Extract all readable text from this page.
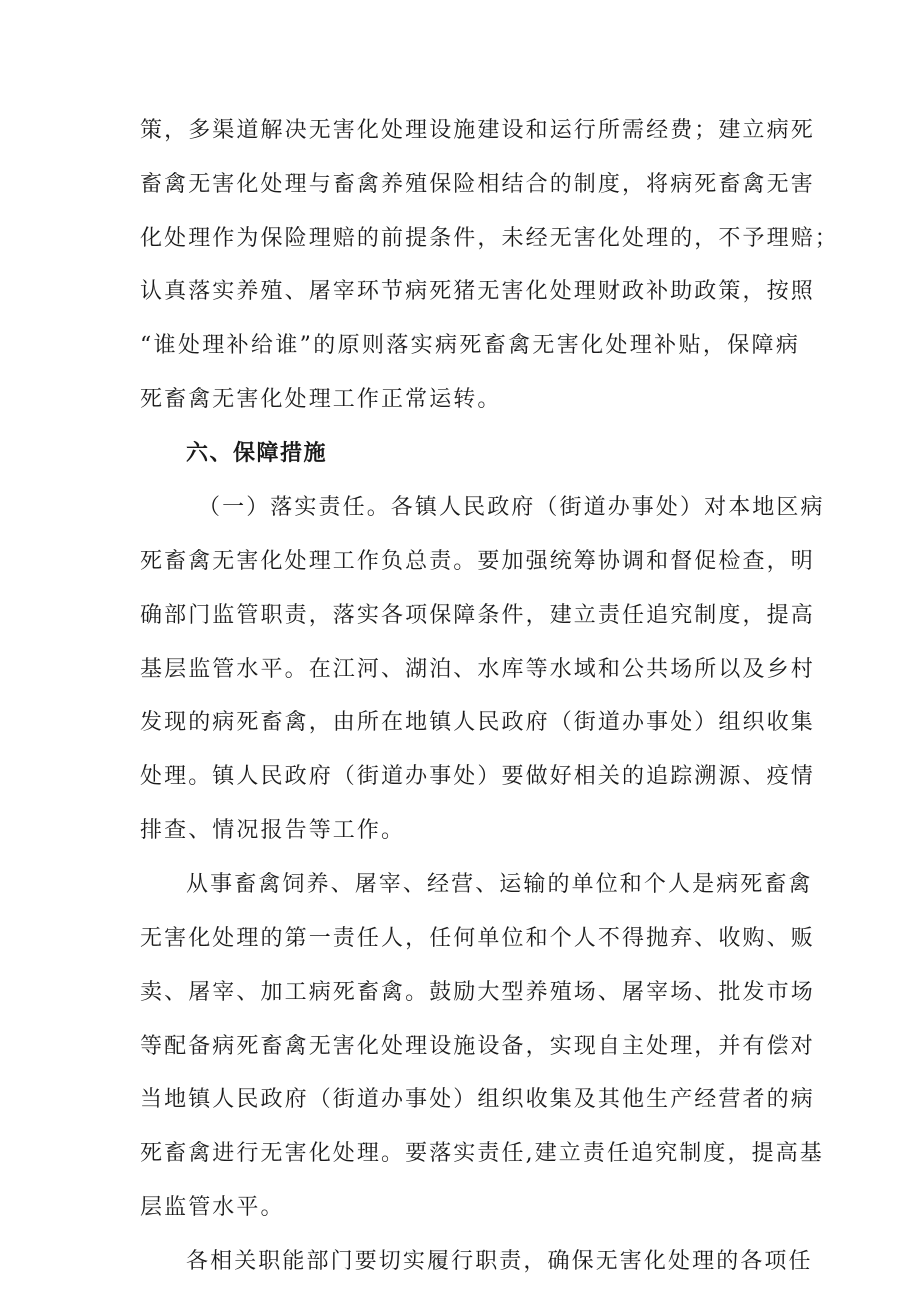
策，多渠道解决无害化处理设施建设和运行所需经费；建立病死
畜禽无害化处理与畜禽养殖保险相结合的制度，将病死畜禽无害
化处理作为保险理赔的前提条件，未经无害化处理的，不予理赔；
认真落实养殖、屠宰环节病死猪无害化处理财政补助政策，按照
“谁处理补给谁”的原则落实病死畜禽无害化处理补贴，保障病
死畜禽无害化处理工作正常运转。
六、保障措施
（一）落实责任。各镇人民政府（街道办事处）对本地区病
死畜禽无害化处理工作负总责。要加强统筹协调和督促检查，明
确部门监管职责，落实各项保障条件，建立责任追究制度，提高
基层监管水平。在江河、湖泊、水库等水域和公共场所以及乡村
发现的病死畜禽，由所在地镇人民政府（街道办事处）组织收集
处理。镇人民政府（街道办事处）要做好相关的追踪溯源、疫情
排查、情况报告等工作。
从事畜禽饲养、屠宰、经营、运输的单位和个人是病死畜禽
无害化处理的第一责任人，任何单位和个人不得抛弃、收购、贩
卖、屠宰、加工病死畜禽。鼓励大型养殖场、屠宰场、批发市场
等配备病死畜禽无害化处理设施设备，实现自主处理，并有偿对
当地镇人民政府（街道办事处）组织收集及其他生产经营者的病
死畜禽进行无害化处理。要落实责任,建立责任追究制度，提高基
层监管水平。
各相关职能部门要切实履行职责，确保无害化处理的各项任
